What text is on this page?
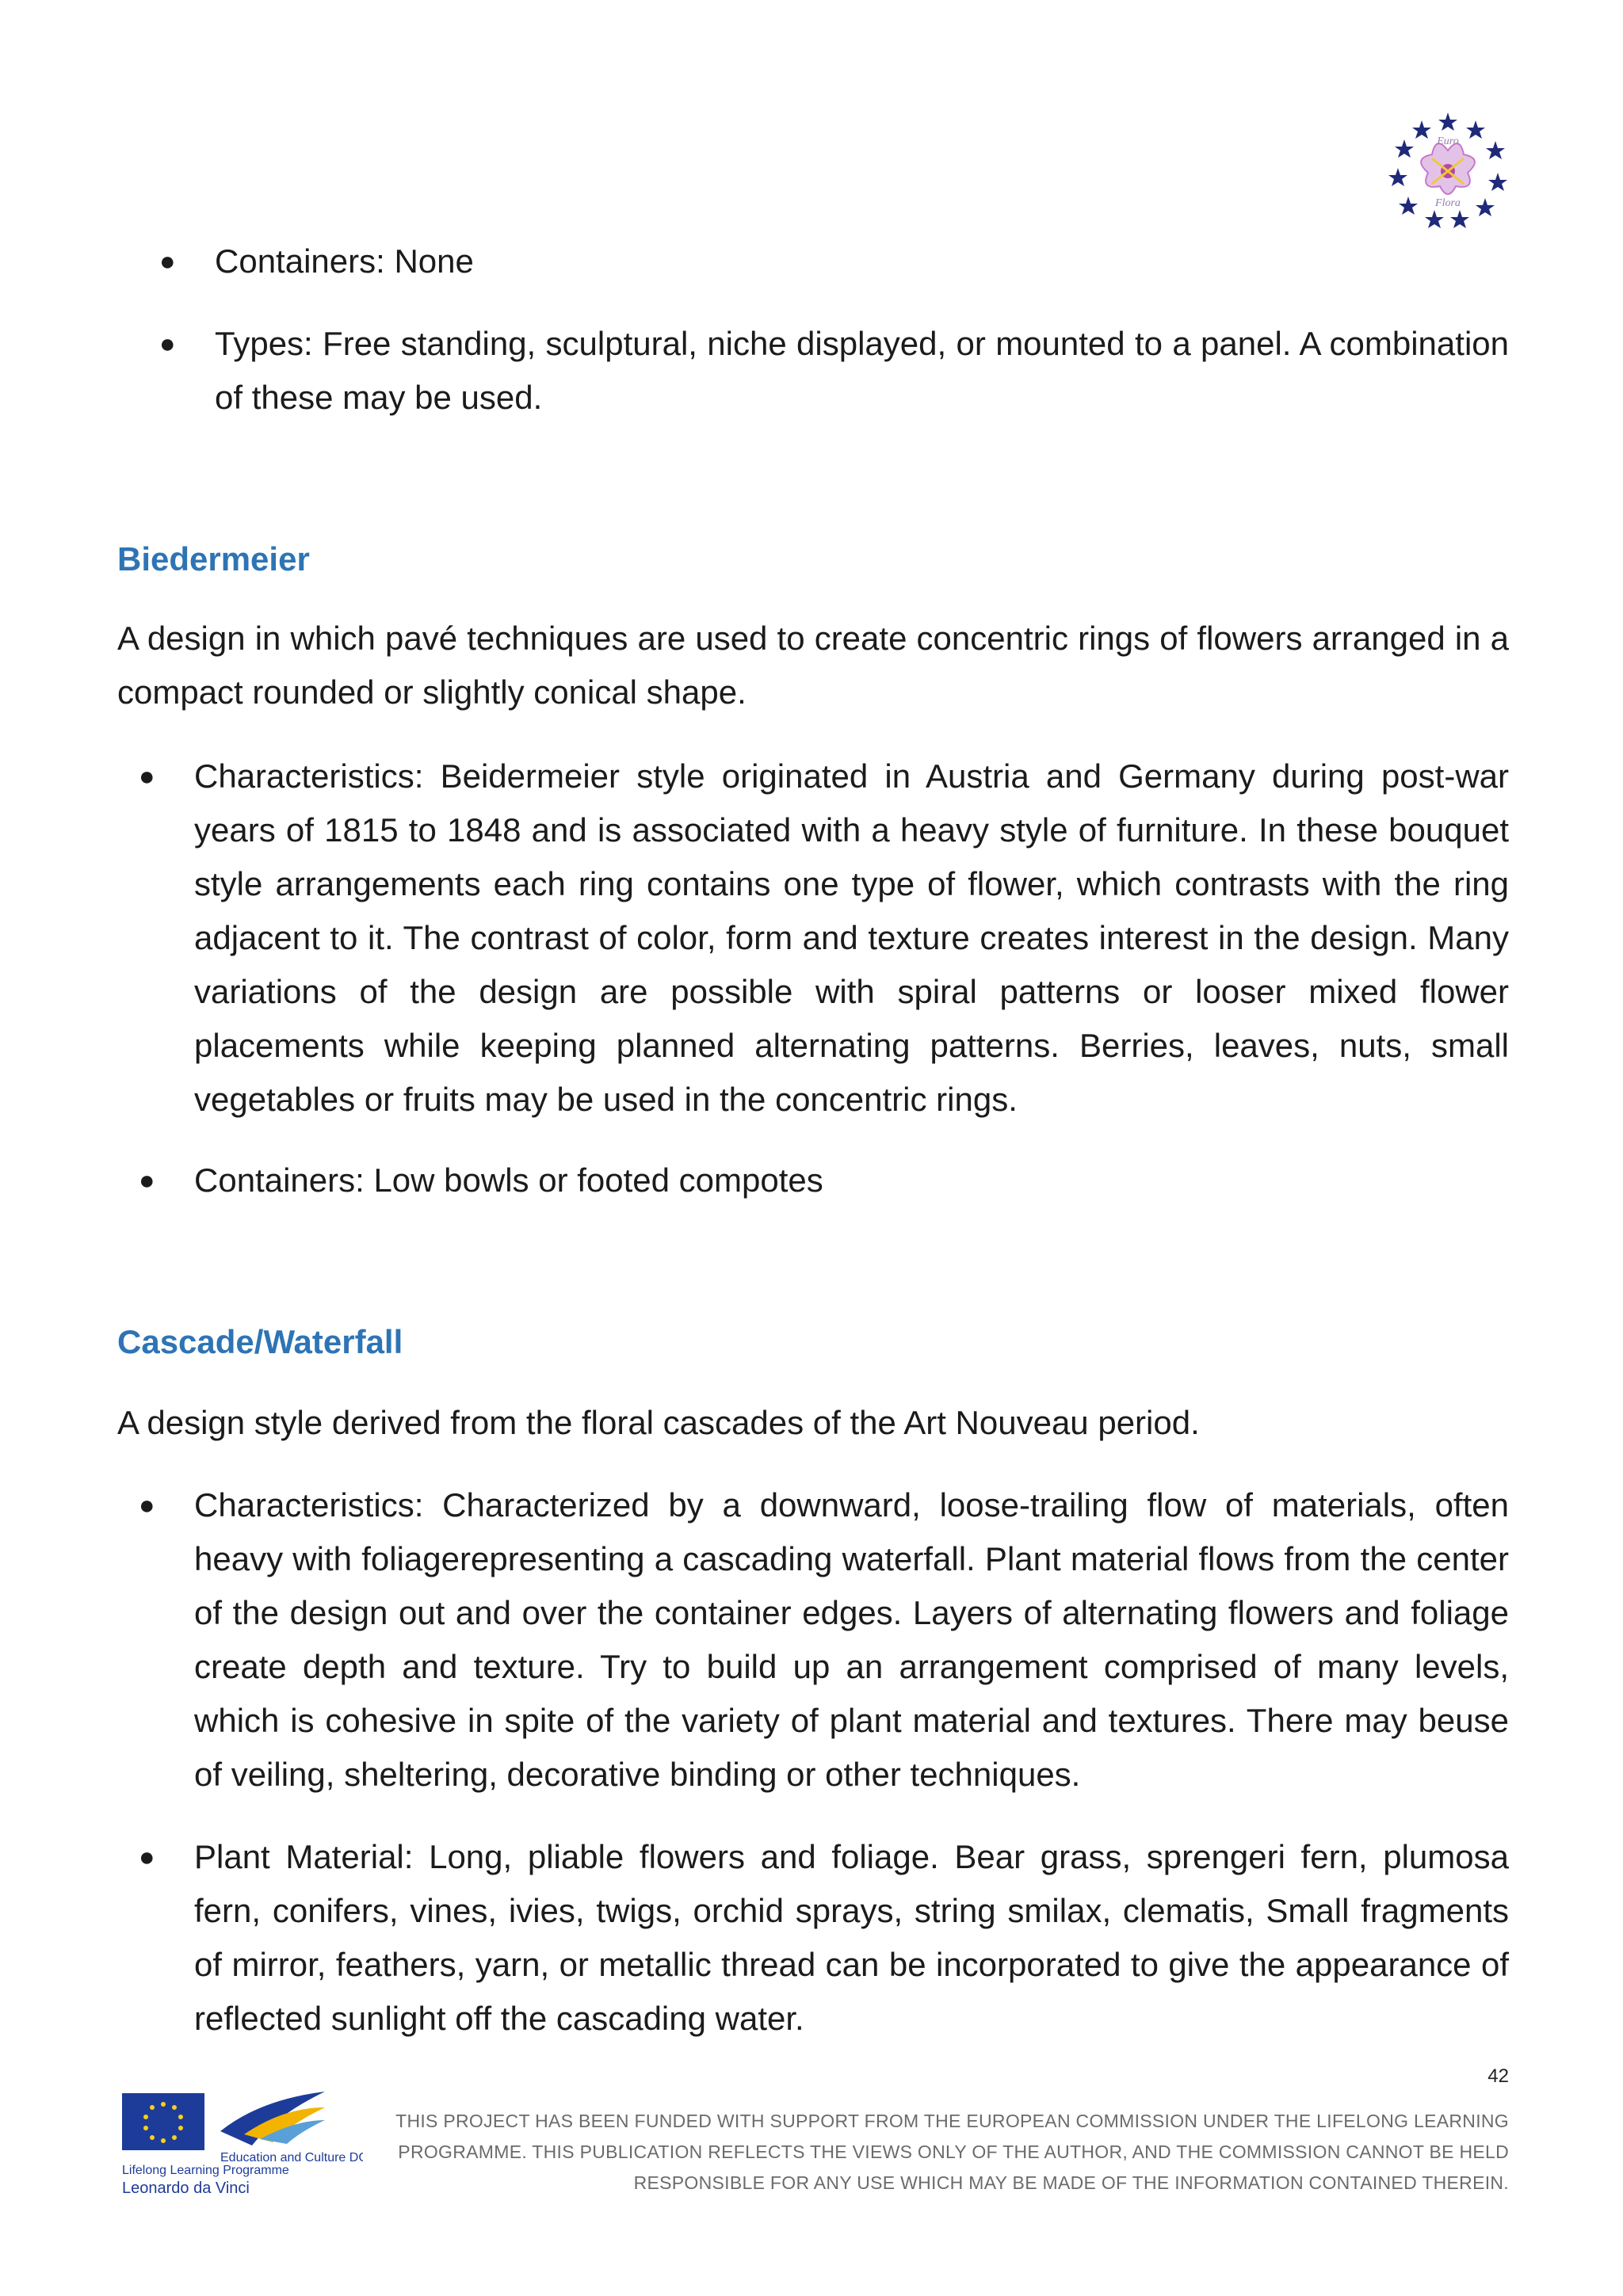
Euro
Flora

● Containers: None

● Types: Free standing, sculptural, niche displayed, or mounted to a panel. A combination of these may be used.

Biedermeier

A design in which pavé techniques are used to create concentric rings of flowers arranged in a compact rounded or slightly conical shape.

● Characteristics: Beidermeier style originated in Austria and Germany during post-war years of 1815 to 1848 and is associated with a heavy style of furniture. In these bouquet style arrangements each ring contains one type of flower, which contrasts with the ring adjacent to it. The contrast of color, form and texture creates interest in the design. Many variations of the design are possible with spiral patterns or looser mixed flower placements while keeping planned alternating patterns. Berries, leaves, nuts, small vegetables or fruits may be used in the concentric rings.

● Containers: Low bowls or footed compotes

Cascade/Waterfall

A design style derived from the floral cascades of the Art Nouveau period.

● Characteristics: Characterized by a downward, loose-trailing flow of materials, often heavy with foliagerepresenting a cascading waterfall. Plant material flows from the center of the design out and over the container edges. Layers of alternating flowers and foliage create depth and texture. Try to build up an arrangement comprised of many levels, which is cohesive in spite of the variety of plant material and textures. There may beuse of veiling, sheltering, decorative binding or other techniques.

● Plant Material: Long, pliable flowers and foliage. Bear grass, sprengeri fern, plumosa fern, conifers, vines, ivies, twigs, orchid sprays, string smilax, clematis, Small fragments of mirror, feathers, yarn, or metallic thread can be incorporated to give the appearance of reflected sunlight off the cascading water.

42
Education and Culture DG
Lifelong Learning Programme
Leonardo da Vinci
THIS PROJECT HAS BEEN FUNDED WITH SUPPORT FROM THE EUROPEAN COMMISSION UNDER THE LIFELONG LEARNING PROGRAMME. THIS PUBLICATION REFLECTS THE VIEWS ONLY OF THE AUTHOR, AND THE COMMISSION CANNOT BE HELD RESPONSIBLE FOR ANY USE WHICH MAY BE MADE OF THE INFORMATION CONTAINED THEREIN.
